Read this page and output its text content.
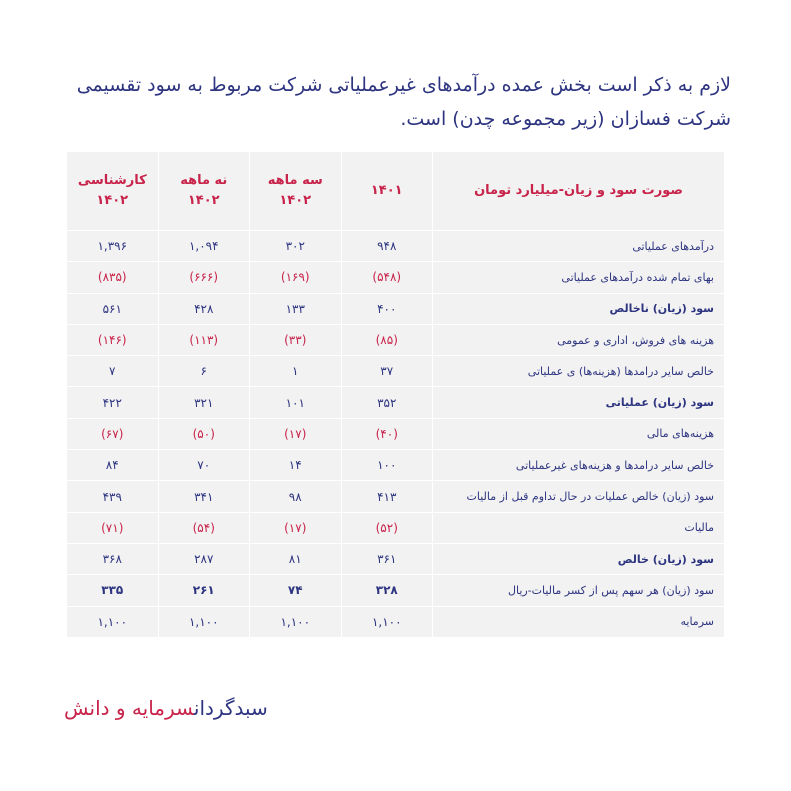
لازم به ذکر است بخش عمده درآمدهای غیرعملیاتی شرکت مربوط به سود تقسیمی شرکت فسازان (زیر مجموعه چدن) است.
صورت سود و زیان-میلیارد تومان	۱۴۰۱	سه ماهه ۱۴۰۲	نه ماهه ۱۴۰۲	کارشناسی ۱۴۰۲
درآمدهای عملیاتی	۹۴۸	۳۰۲	۱,۰۹۴	۱,۳۹۶
بهای تمام شده درآمدهای عملیاتی	(۵۴۸)	(۱۶۹)	(۶۶۶)	(۸۳۵)
سود (زیان) ناخالص	۴۰۰	۱۳۳	۴۲۸	۵۶۱
هزینه های فروش، اداری و عمومی	(۸۵)	(۳۳)	(۱۱۳)	(۱۴۶)
خالص سایر درامدها (هزینه‌ها) ی عملیاتی	۳۷	۱	۶	۷
سود (زیان) عملیاتی	۳۵۲	۱۰۱	۳۲۱	۴۲۲
هزینه‌های مالی	(۴۰)	(۱۷)	(۵۰)	(۶۷)
خالص سایر درامدها و هزینه‌های غیرعملیاتی	۱۰۰	۱۴	۷۰	۸۴
سود (زیان) خالص عملیات در حال تداوم قبل از مالیات	۴۱۳	۹۸	۳۴۱	۴۳۹
مالیات	(۵۲)	(۱۷)	(۵۴)	(۷۱)
سود (زیان) خالص	۳۶۱	۸۱	۲۸۷	۳۶۸
سود (زیان) هر سهم پس از کسر مالیات-ریال	۳۲۸	۷۴	۲۶۱	۳۳۵
سرمایه	۱,۱۰۰	۱,۱۰۰	۱,۱۰۰	۱,۱۰۰
سبدگردانسرمایه و دانش
